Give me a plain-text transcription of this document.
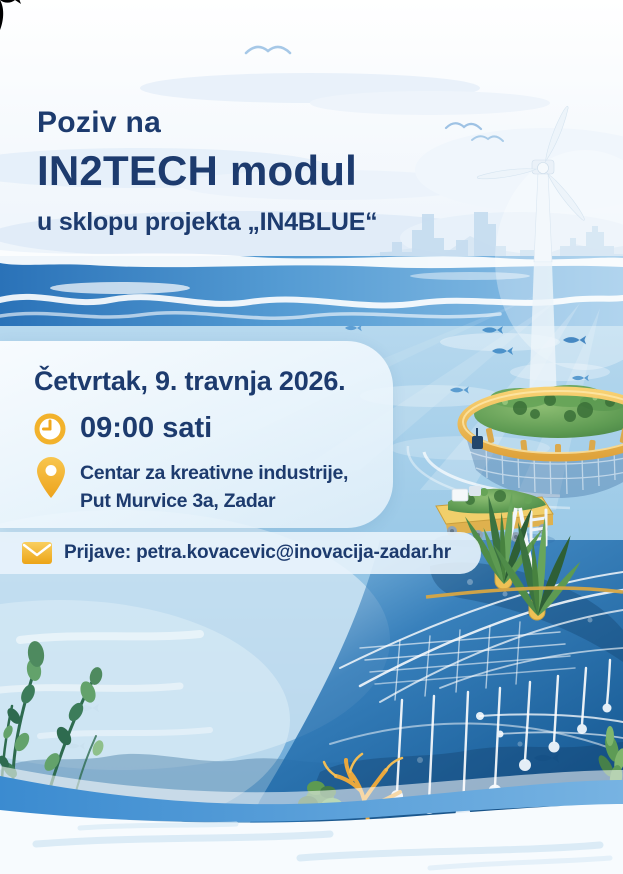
Poziv na
IN2TECH modul
u sklopu projekta „IN4BLUE“
Četvrtak, 9. travnja 2026.
09:00 sati
Centar za kreativne industrije,
Put Murvice 3a, Zadar
Prijave: petra.kovacevic@inovacija-zadar.hr
